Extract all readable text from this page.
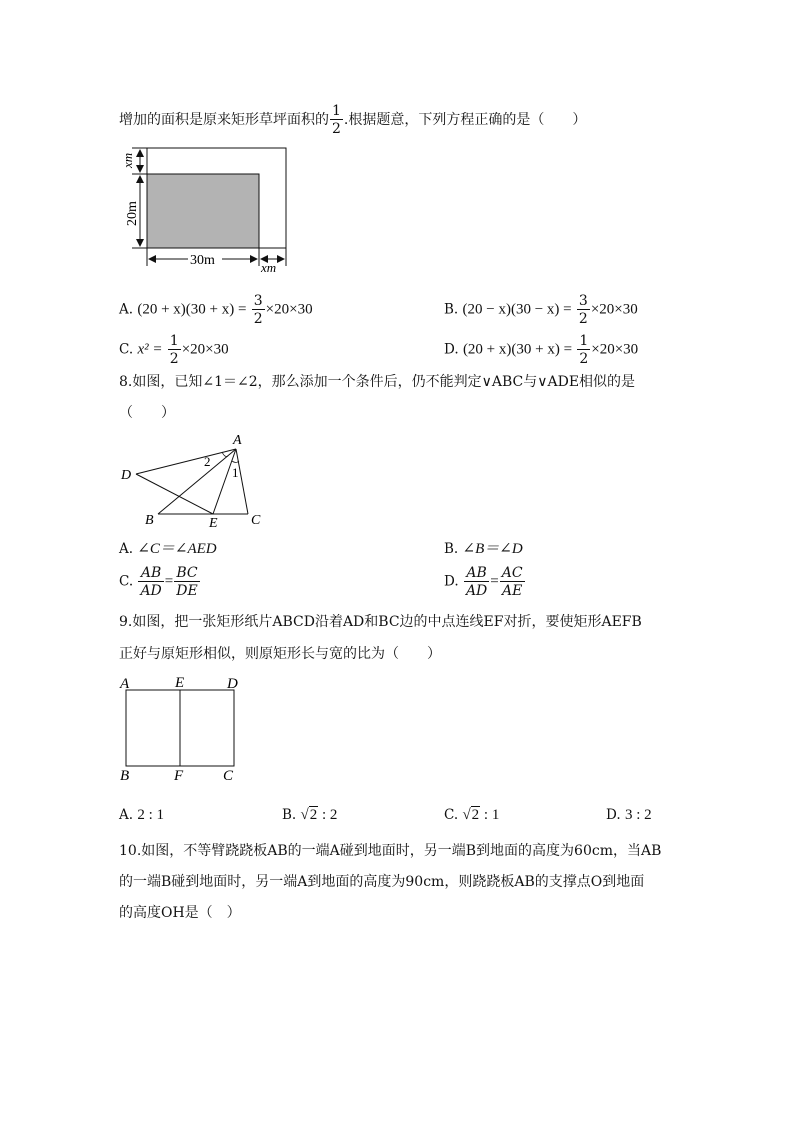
增加的面积是原来矩形草坪面积的 $\frac{1}{2}$ .根据题意，下列方程正确的是（　　）
xm
20m
30m	xm
A. $(20 + x)(30 + x) = \frac{3}{2} \times 20\times 30$	B. $(20 - x)(30 - x) = \frac{3}{2} \times 20\times 30$
C. $x^2 = \frac{1}{2} \times 20\times 30$	D. $(20 + x)(30 + x) = \frac{1}{2} \times 20\times 30$
8.如图，已知∠1＝∠2，那么添加一个条件后，仍不能判定∨ABC与∨ADE相似的是
（　　）
A
D
B	E C
2
1
A. ∠C＝∠AED	B. ∠B＝∠D
C. $\frac{AB}{AD} = \frac{BC}{DE}$	D. $\frac{AB}{AD} = \frac{AC}{AE}$
9.如图，把一张矩形纸片ABCD沿着AD和BC边的中点连线EF对折，要使矩形AEFB
正好与原矩形相似，则原矩形长与宽的比为（　　）
A	E	D
B	F	C
A. 2 : 1	B. √2 : 2	C. √2 : 1	D. 3 : 2
10.如图，不等臂跷跷板AB的一端A碰到地面时，另一端B到地面的高度为60cm，当AB
的一端B碰到地面时，另一端A到地面的高度为90cm，则跷跷板AB的支撑点O到地面
的高度OH是（　）
